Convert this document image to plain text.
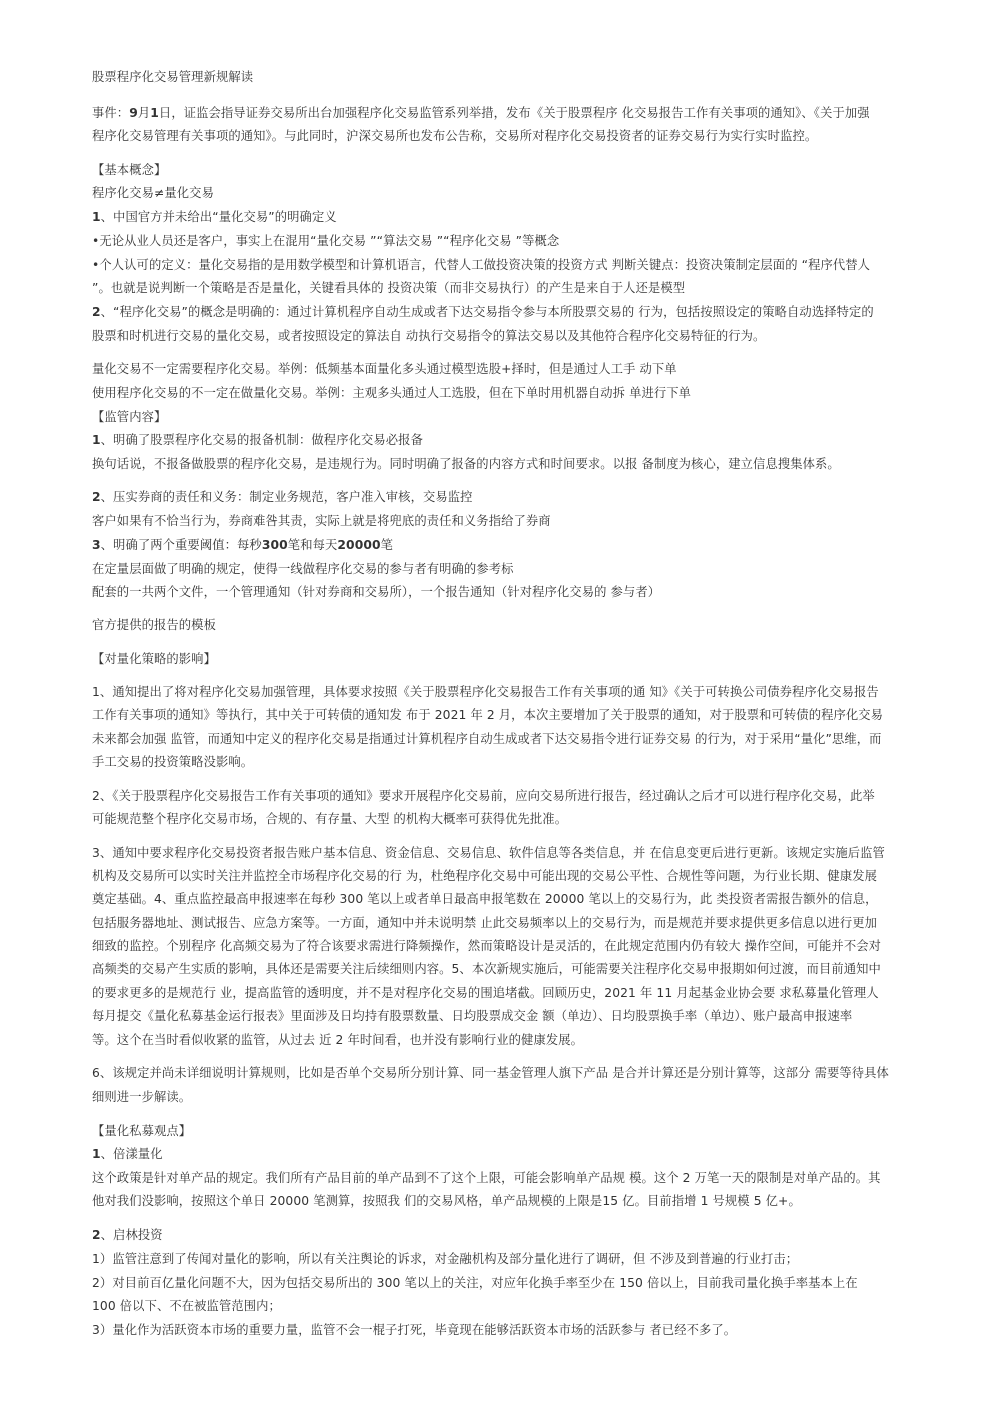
股票程序化交易管理新规解读
事件：9月1日，证监会指导证券交易所出台加强程序化交易监管系列举措，发布《关于股票程序 化交易报告工作有关事项的通知》、《关于加强
程序化交易管理有关事项的通知》。与此同时，沪深交易所也发布公告称，交易所对程序化交易投资者的证券交易行为实行实时监控。
【基本概念】
程序化交易≠量化交易
1、中国官方并未给出“量化交易”的明确定义
•无论从业人员还是客户，事实上在混用“量化交易 ”“算法交易 ”“程序化交易 ”等概念
•个人认可的定义：量化交易指的是用数学模型和计算机语言，代替人工做投资决策的投资方式 判断关键点：投资决策制定层面的 “程序代替人
”。也就是说判断一个策略是否是量化，关键看具体的 投资决策（而非交易执行）的产生是来自于人还是模型
2、“程序化交易”的概念是明确的：通过计算机程序自动生成或者下达交易指令参与本所股票交易的 行为，包括按照设定的策略自动选择特定的
股票和时机进行交易的量化交易，或者按照设定的算法自 动执行交易指令的算法交易以及其他符合程序化交易特征的行为。
量化交易不一定需要程序化交易。举例：低频基本面量化多头通过模型选股+择时，但是通过人工手 动下单
使用程序化交易的不一定在做量化交易。举例：主观多头通过人工选股，但在下单时用机器自动拆 单进行下单
【监管内容】
1、明确了股票程序化交易的报备机制：做程序化交易必报备
换句话说，不报备做股票的程序化交易，是违规行为。同时明确了报备的内容方式和时间要求。以报 备制度为核心，建立信息搜集体系。
2、压实券商的责任和义务：制定业务规范，客户准入审核，交易监控
客户如果有不恰当行为，券商难咎其责，实际上就是将兜底的责任和义务指给了券商
3、明确了两个重要阈值：每秒300笔和每天20000笔
在定量层面做了明确的规定，使得一线做程序化交易的参与者有明确的参考标
配套的一共两个文件，一个管理通知（针对券商和交易所），一个报告通知（针对程序化交易的 参与者）
官方提供的报告的模板
【对量化策略的影响】
1、通知提出了将对程序化交易加强管理，具体要求按照《关于股票程序化交易报告工作有关事项的通 知》《关于可转换公司债券程序化交易报告
工作有关事项的通知》等执行，其中关于可转债的通知发 布于 2021 年 2 月，本次主要增加了关于股票的通知，对于股票和可转债的程序化交易
未来都会加强 监管，而通知中定义的程序化交易是指通过计算机程序自动生成或者下达交易指令进行证券交易 的行为，对于采用“量化”思维，而
手工交易的投资策略没影响。
2、《关于股票程序化交易报告工作有关事项的通知》要求开展程序化交易前，应向交易所进行报告，经过确认之后才可以进行程序化交易，此举
可能规范整个程序化交易市场，合规的、有存量、大型 的机构大概率可获得优先批准。
3、通知中要求程序化交易投资者报告账户基本信息、资金信息、交易信息、软件信息等各类信息，并 在信息变更后进行更新。该规定实施后监管
机构及交易所可以实时关注并监控全市场程序化交易的行 为，杜绝程序化交易中可能出现的交易公平性、合规性等问题，为行业长期、健康发展
奠定基础。4、重点监控最高申报速率在每秒 300 笔以上或者单日最高申报笔数在 20000 笔以上的交易行为，此 类投资者需报告额外的信息，
包括服务器地址、测试报告、应急方案等。一方面，通知中并未说明禁 止此交易频率以上的交易行为，而是规范并要求提供更多信息以进行更加
细致的监控。个别程序 化高频交易为了符合该要求需进行降频操作，然而策略设计是灵活的，在此规定范围内仍有较大 操作空间，可能并不会对
高频类的交易产生实质的影响，具体还是需要关注后续细则内容。5、本次新规实施后，可能需要关注程序化交易申报期如何过渡，而目前通知中
的要求更多的是规范行 业，提高监管的透明度，并不是对程序化交易的围追堵截。回顾历史，2021 年 11 月起基金业协会要 求私募量化管理人
每月提交《量化私募基金运行报表》里面涉及日均持有股票数量、日均股票成交金 额（单边）、日均股票换手率（单边）、账户最高申报速率
等。这个在当时看似收紧的监管，从过去 近 2 年时间看，也并没有影响行业的健康发展。
6、该规定并尚未详细说明计算规则，比如是否单个交易所分别计算、同一基金管理人旗下产品 是合并计算还是分别计算等，这部分 需要等待具体
细则进一步解读。
【量化私募观点】
1、倍漾量化
这个政策是针对单产品的规定。我们所有产品目前的单产品到不了这个上限，可能会影响单产品规 模。这个 2 万笔一天的限制是对单产品的。其
他对我们没影响，按照这个单日 20000 笔测算，按照我 们的交易风格，单产品规模的上限是15 亿。目前指增 1 号规模 5 亿+。
2、启林投资
1）监管注意到了传闻对量化的影响，所以有关注舆论的诉求，对金融机构及部分量化进行了调研，但 不涉及到普遍的行业打击；
2）对目前百亿量化问题不大，因为包括交易所出的 300 笔以上的关注，对应年化换手率至少在 150 倍以上，目前我司量化换手率基本上在
100 倍以下、不在被监管范围内；
3）量化作为活跃资本市场的重要力量，监管不会一棍子打死，毕竟现在能够活跃资本市场的活跃参与 者已经不多了。
